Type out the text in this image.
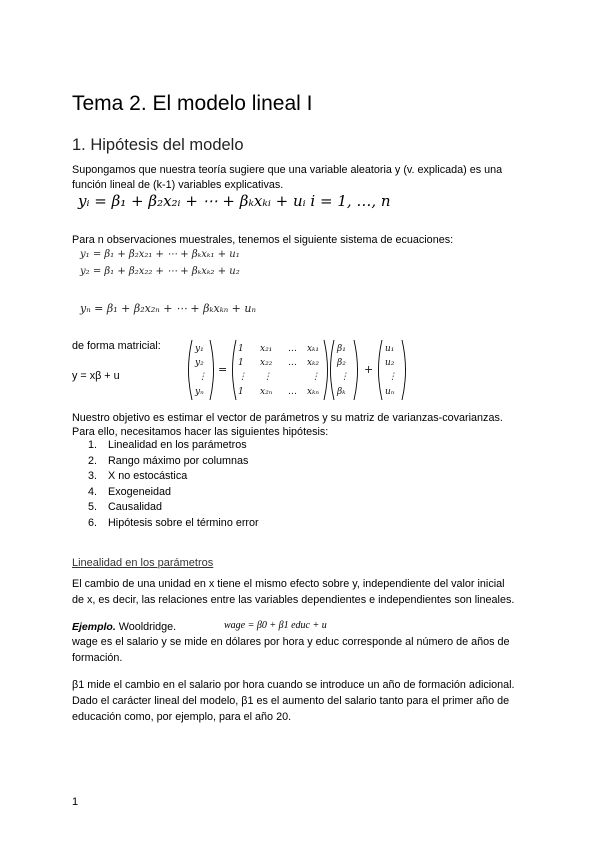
Tema 2. El modelo lineal I
1. Hipótesis del modelo
Supongamos que nuestra teoría sugiere que una variable aleatoria y (v. explicada) es una
función lineal de (k-1) variables explicativas.
yᵢ = β₁ + β₂x₂ᵢ + ⋯ + βₖxₖᵢ + uᵢ i = 1, …, n
Para n observaciones muestrales, tenemos el siguiente sistema de ecuaciones:
y₁ = β₁ + β₂x₂₁ + ⋯ + βₖxₖ₁ + u₁
y₂ = β₁ + β₂x₂₂ + ⋯ + βₖxₖ₂ + u₂
yₙ = β₁ + β₂x₂ₙ + ⋯ + βₖxₖₙ + uₙ
de forma matricial:
y = xβ + u
y₁
y₂
⋮
yₙ
=
1 x₂₁ … xₖ₁
1 x₂₂ … xₖ₂
⋮ ⋮	⋮
1 x₂ₙ … xₖₙ
β₁
β₂
⋮
βₖ
+
u₁
u₂
⋮
uₙ
Nuestro objetivo es estimar el vector de parámetros y su matriz de varianzas-covarianzas.
Para ello, necesitamos hacer las siguientes hipótesis:
1. Linealidad en los parámetros
2. Rango máximo por columnas
3. X no estocástica
4. Exogeneidad
5. Causalidad
6. Hipótesis sobre el término error
Linealidad en los parámetros
El cambio de una unidad en x tiene el mismo efecto sobre y, independiente del valor inicial
de x, es decir, las relaciones entre las variables dependientes e independientes son lineales.
Ejemplo. Wooldridge.	wage = β0 + β1 educ + u
wage es el salario y se mide en dólares por hora y educ corresponde al número de años de
formación.
β1 mide el cambio en el salario por hora cuando se introduce un año de formación adicional.
Dado el carácter lineal del modelo, β1 es el aumento del salario tanto para el primer año de
educación como, por ejemplo, para el año 20.
1
